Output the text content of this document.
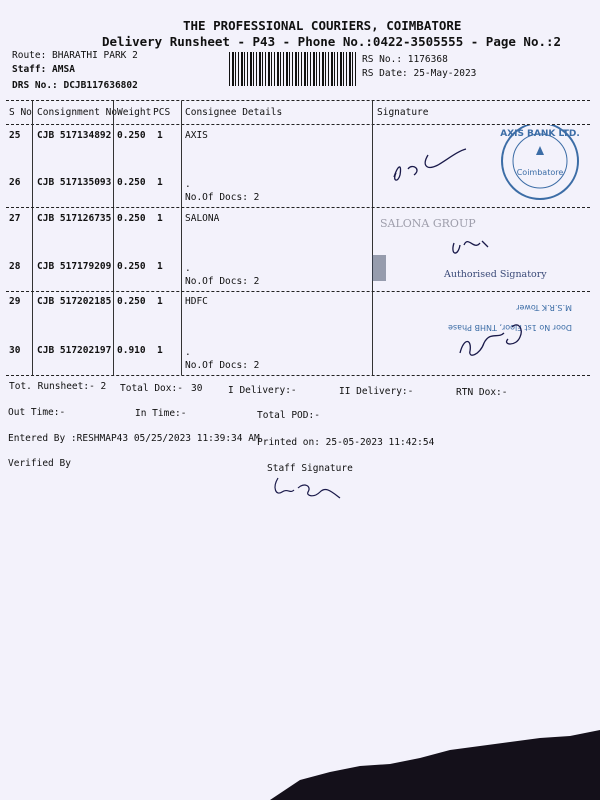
THE PROFESSIONAL COURIERS, COIMBATORE
Delivery Runsheet - P43 - Phone No.:0422-3505555 - Page No.:2
Route: BHARATHI PARK 2
Staff: AMSA
DRS No.: DCJB117636802
RS No.: 1176368
RS Date: 25-May-2023
S No Consignment No Weight PCS Consignee Details	Signature
25 CJB 517134892 0.250 1 AXIS
26 CJB 517135093 0.250 1 .
No.Of Docs: 2
27 CJB 517126735 0.250 1 SALONA
28 CJB 517179209 0.250 1 .
No.Of Docs: 2
29 CJB 517202185 0.250 1 HDFC
30 CJB 517202197 0.910 1 .
No.Of Docs: 2
AXIS BANK LTD.
Coimbatore
SALONA GROUP
Authorised Signatory
Door No 1st Floor, TNHB Phase
M.S.R.K Tower
Tot. Runsheet:- 2 Total Dox:- 30	I Delivery:-	II Delivery:-	RTN Dox:-
Out Time:-	In Time:-	Total POD:-
Entered By :RESHMAP43 05/25/2023 11:39:34 AM
Printed on: 25-05-2023 11:42:54
Verified By	Staff Signature
